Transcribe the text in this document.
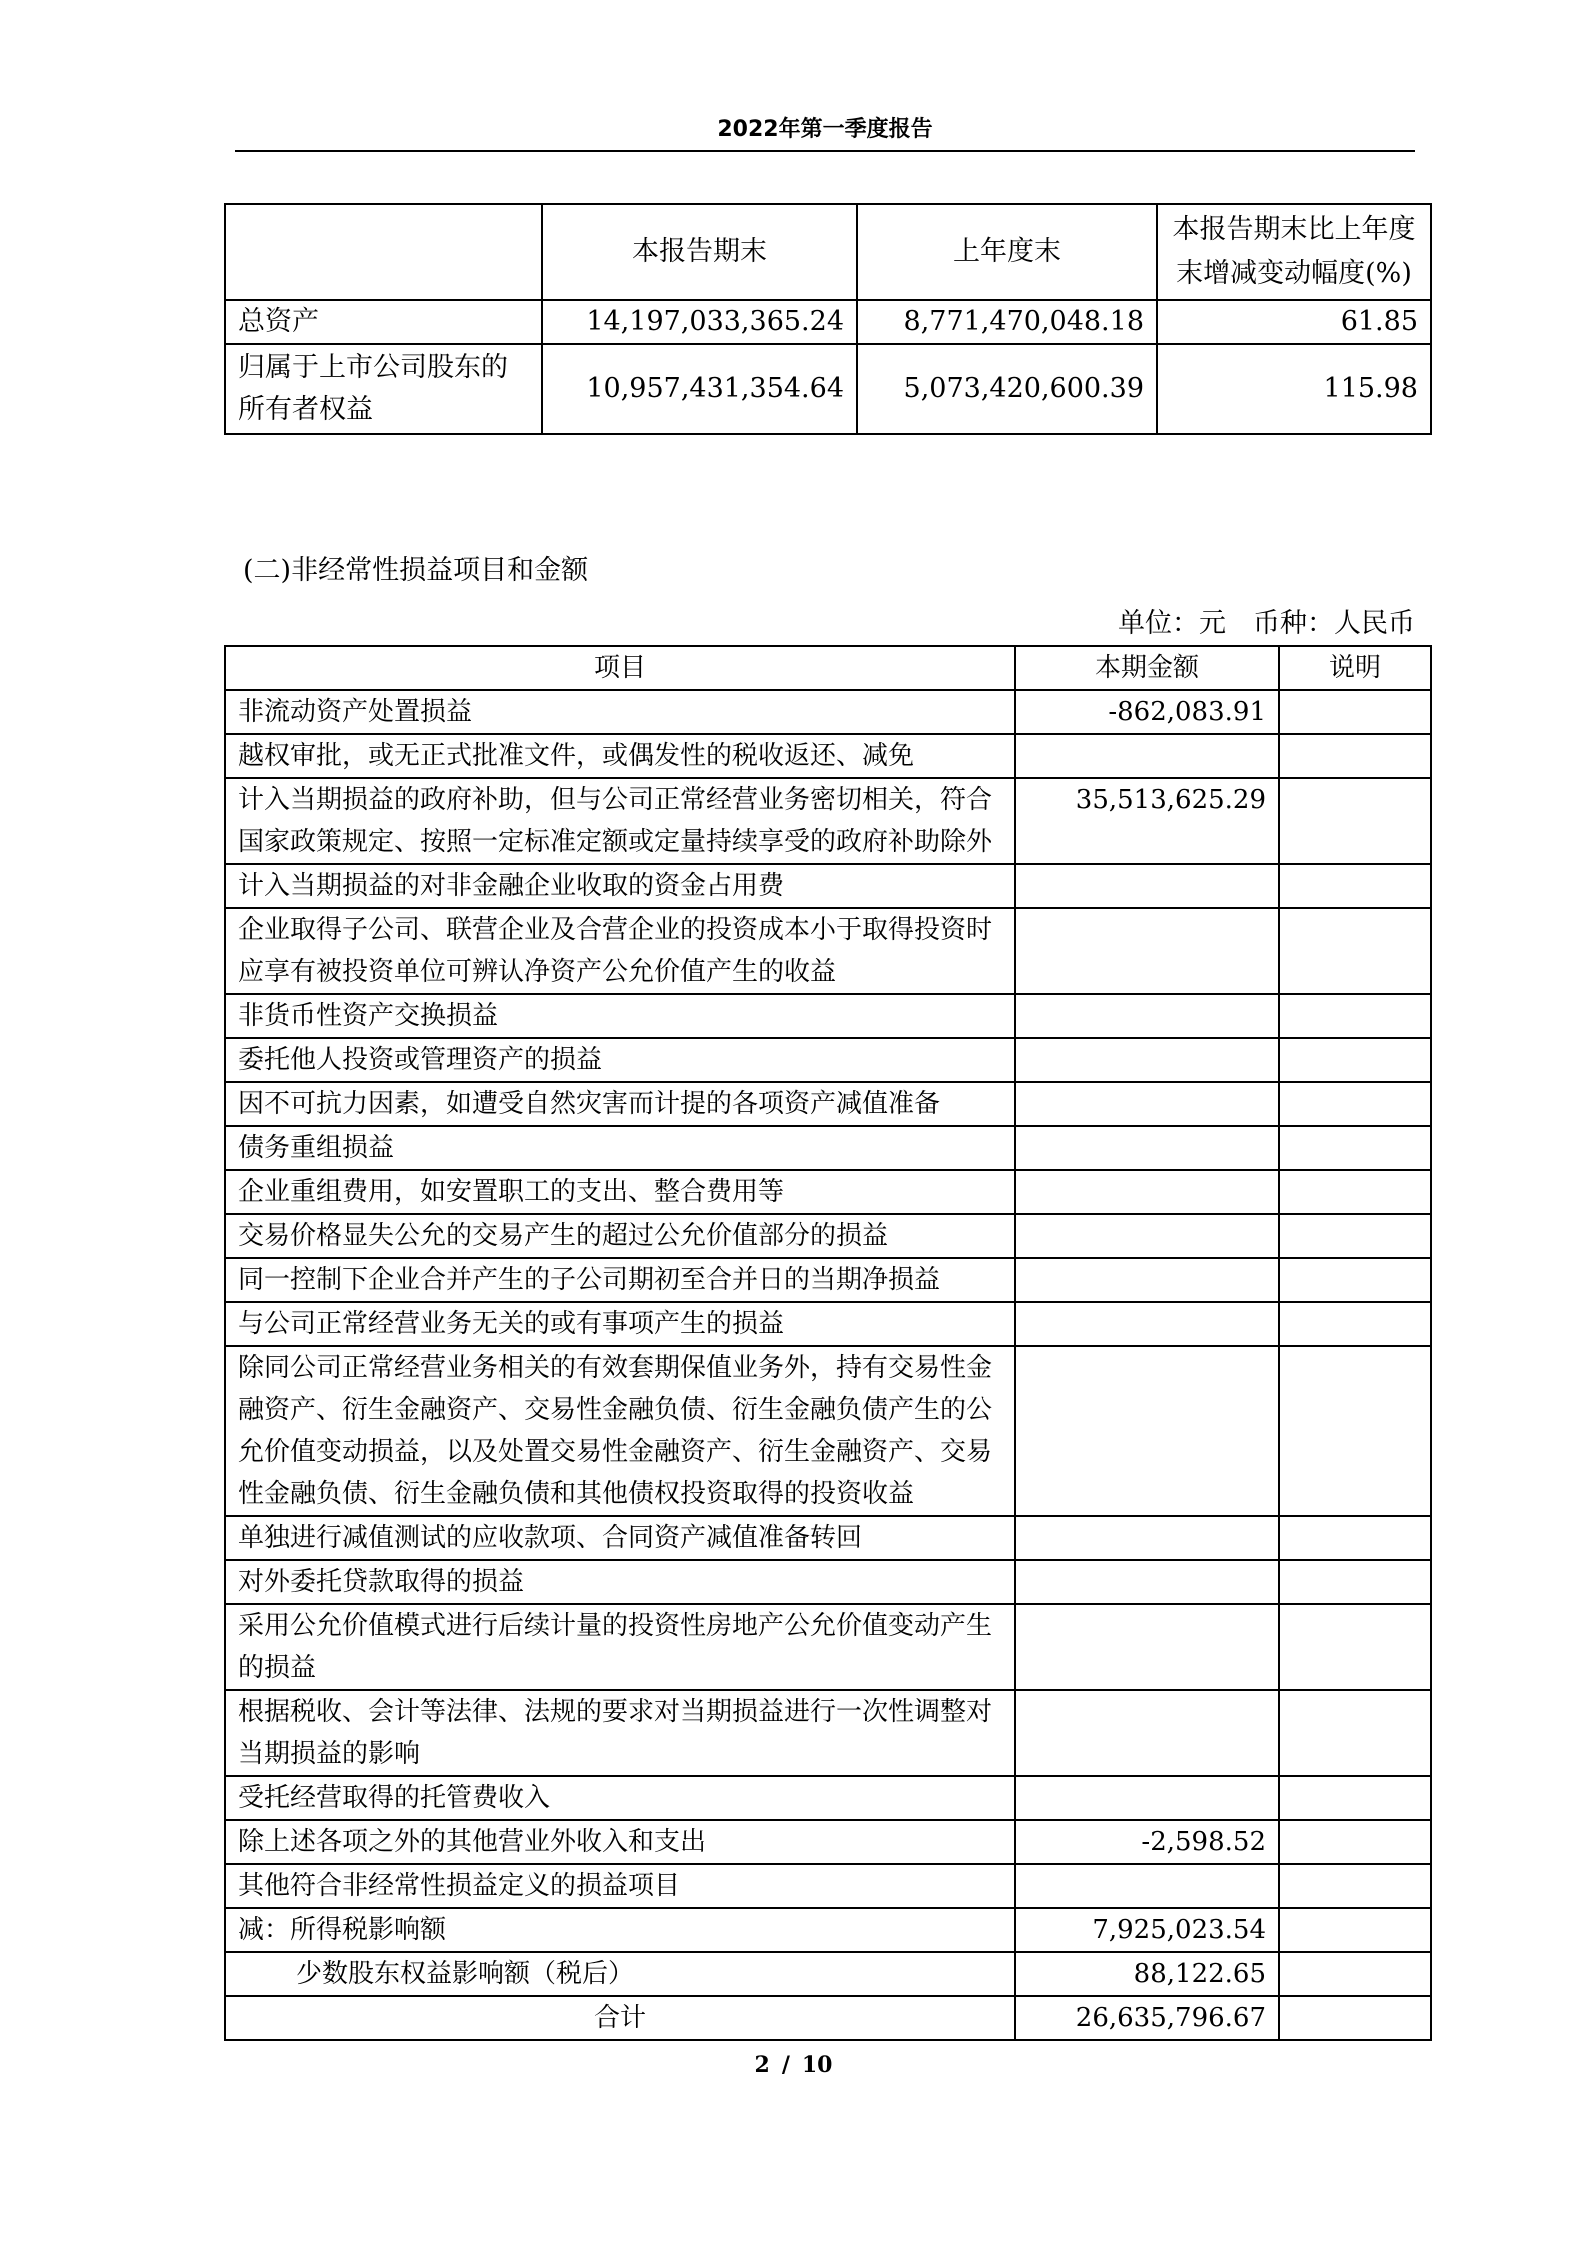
2022年第一季度报告
	本报告期末	上年度末	本报告期末比上年度末增减变动幅度(%)
总资产	14,197,033,365.24	8,771,470,048.18	61.85
归属于上市公司股东的所有者权益	10,957,431,354.64	5,073,420,600.39	115.98
(二)非经常性损益项目和金额
单位：元　币种：人民币
项目	本期金额	说明
非流动资产处置损益	-862,083.91	
越权审批，或无正式批准文件，或偶发性的税收返还、减免		
计入当期损益的政府补助，但与公司正常经营业务密切相关，符合国家政策规定、按照一定标准定额或定量持续享受的政府补助除外	35,513,625.29	
计入当期损益的对非金融企业收取的资金占用费		
企业取得子公司、联营企业及合营企业的投资成本小于取得投资时应享有被投资单位可辨认净资产公允价值产生的收益		
非货币性资产交换损益		
委托他人投资或管理资产的损益		
因不可抗力因素，如遭受自然灾害而计提的各项资产减值准备		
债务重组损益		
企业重组费用，如安置职工的支出、整合费用等		
交易价格显失公允的交易产生的超过公允价值部分的损益		
同一控制下企业合并产生的子公司期初至合并日的当期净损益		
与公司正常经营业务无关的或有事项产生的损益		
除同公司正常经营业务相关的有效套期保值业务外，持有交易性金融资产、衍生金融资产、交易性金融负债、衍生金融负债产生的公允价值变动损益，以及处置交易性金融资产、衍生金融资产、交易性金融负债、衍生金融负债和其他债权投资取得的投资收益		
单独进行减值测试的应收款项、合同资产减值准备转回		
对外委托贷款取得的损益		
采用公允价值模式进行后续计量的投资性房地产公允价值变动产生的损益		
根据税收、会计等法律、法规的要求对当期损益进行一次性调整对当期损益的影响		
受托经营取得的托管费收入		
除上述各项之外的其他营业外收入和支出	-2,598.52	
其他符合非经常性损益定义的损益项目		
减：所得税影响额	7,925,023.54	
少数股东权益影响额（税后）	88,122.65	
合计	26,635,796.67	
2 / 10
